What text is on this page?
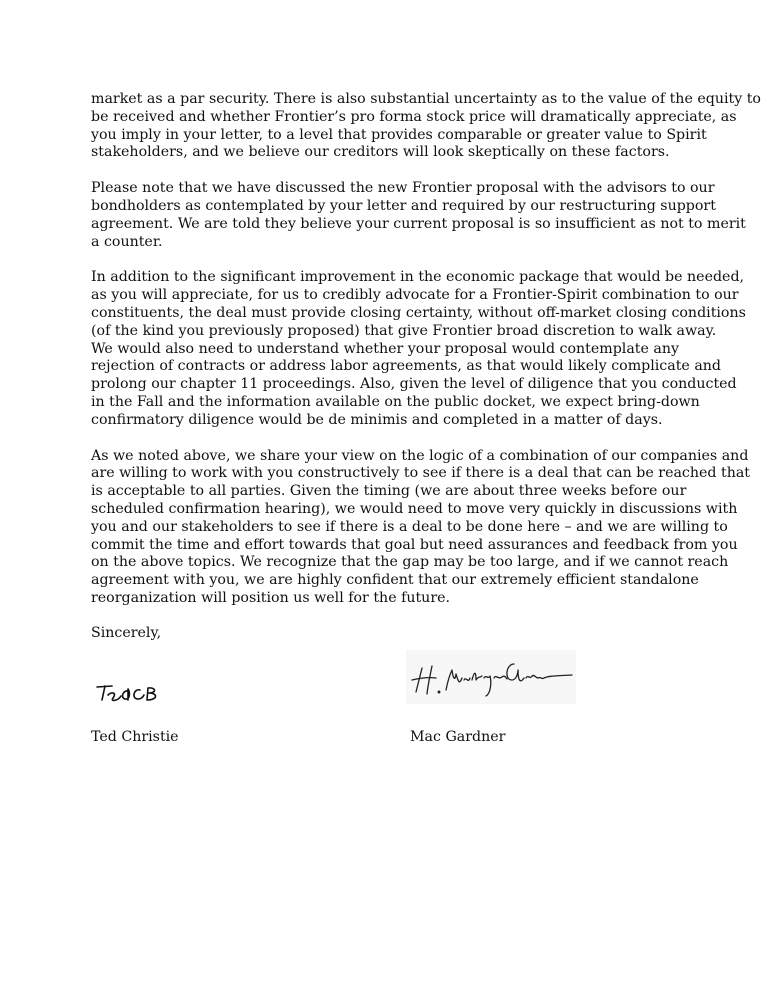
market as a par security. There is also substantial uncertainty as to the value of the equity to
be received and whether Frontier’s pro forma stock price will dramatically appreciate, as
you imply in your letter, to a level that provides comparable or greater value to Spirit
stakeholders, and we believe our creditors will look skeptically on these factors.
Please note that we have discussed the new Frontier proposal with the advisors to our
bondholders as contemplated by your letter and required by our restructuring support
agreement. We are told they believe your current proposal is so insufficient as not to merit
a counter.
In addition to the significant improvement in the economic package that would be needed,
as you will appreciate, for us to credibly advocate for a Frontier-Spirit combination to our
constituents, the deal must provide closing certainty, without off-market closing conditions
(of the kind you previously proposed) that give Frontier broad discretion to walk away.
We would also need to understand whether your proposal would contemplate any
rejection of contracts or address labor agreements, as that would likely complicate and
prolong our chapter 11 proceedings. Also, given the level of diligence that you conducted
in the Fall and the information available on the public docket, we expect bring-down
confirmatory diligence would be de minimis and completed in a matter of days.
As we noted above, we share your view on the logic of a combination of our companies and
are willing to work with you constructively to see if there is a deal that can be reached that
is acceptable to all parties. Given the timing (we are about three weeks before our
scheduled confirmation hearing), we would need to move very quickly in discussions with
you and our stakeholders to see if there is a deal to be done here – and we are willing to
commit the time and effort towards that goal but need assurances and feedback from you
on the above topics. We recognize that the gap may be too large, and if we cannot reach
agreement with you, we are highly confident that our extremely efficient standalone
reorganization will position us well for the future.
Sincerely,
Ted Christie	Mac Gardner
